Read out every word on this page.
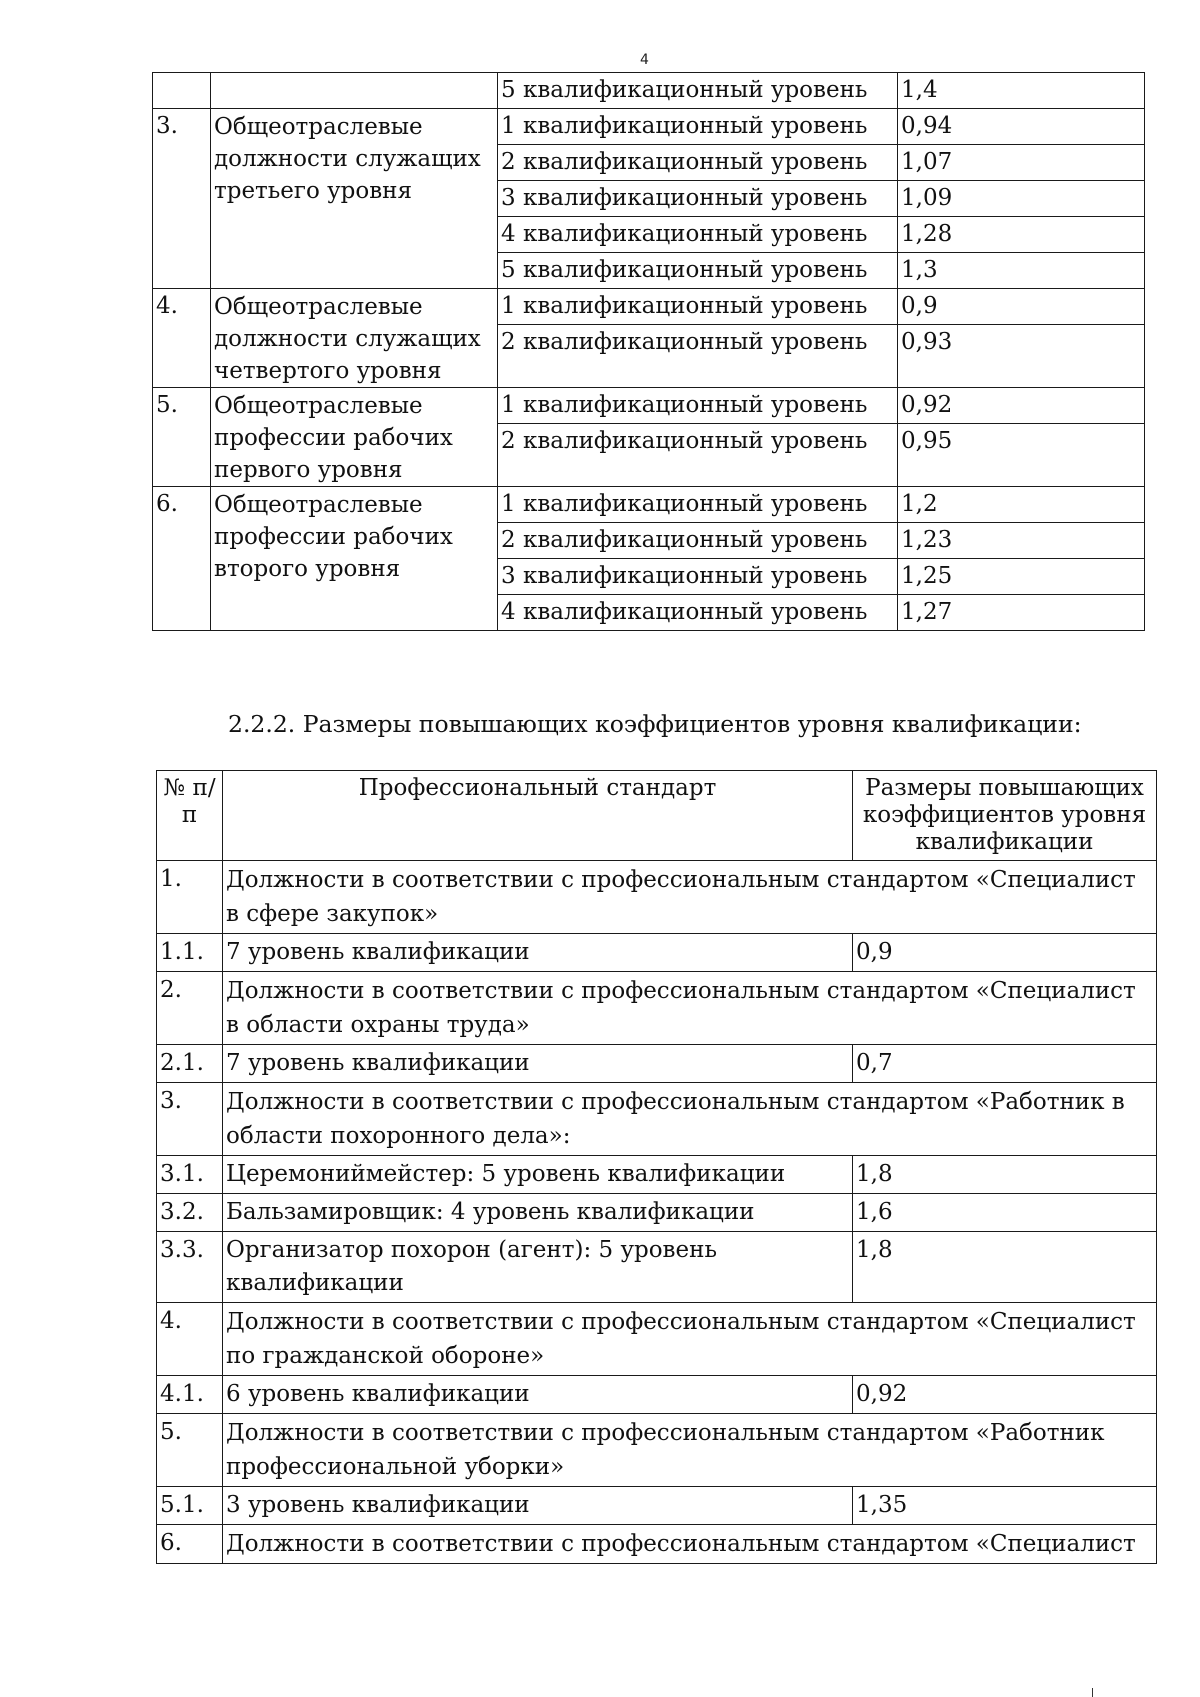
4
		5 квалификационный уровень	1,4
3.	Общеотраслевые должности служащих третьего уровня	1 квалификационный уровень	0,94
		2 квалификационный уровень	1,07
		3 квалификационный уровень	1,09
		4 квалификационный уровень	1,28
		5 квалификационный уровень	1,3
4.	Общеотраслевые должности служащих четвертого уровня	1 квалификационный уровень	0,9
		2 квалификационный уровень	0,93

5.	Общеотраслевые профессии рабочих первого уровня	1 квалификационный уровень	0,92
		2 квалификационный уровень	0,95

6.	Общеотраслевые профессии рабочих второго уровня	1 квалификационный уровень	1,2
		2 квалификационный уровень	1,23
		3 квалификационный уровень	1,25
		4 квалификационный уровень	1,27
2.2.2. Размеры повышающих коэффициентов уровня квалификации:
№ п/п	Профессиональный стандарт	Размеры повышающих коэффициентов уровня квалификации
1.	Должности в соответствии с профессиональным стандартом «Специалист в сфере закупок»	
1.1.	7 уровень квалификации	0,9
2.	Должности в соответствии с профессиональным стандартом «Специалист в области охраны труда»	
2.1.	7 уровень квалификации	0,7
3.	Должности в соответствии с профессиональным стандартом «Работник в области похоронного дела»:	
3.1.	Церемониймейстер: 5 уровень квалификации	1,8
3.2.	Бальзамировщик: 4 уровень квалификации	1,6
3.3.	Организатор похорон (агент): 5 уровень квалификации	1,8
4.	Должности в соответствии с профессиональным стандартом «Специалист по гражданской обороне»	
4.1.	6 уровень квалификации	0,92
5.	Должности в соответствии с профессиональным стандартом «Работник профессиональной уборки»	
5.1.	3 уровень квалификации	1,35
6.	Должности в соответствии с профессиональным стандартом «Специалист	
